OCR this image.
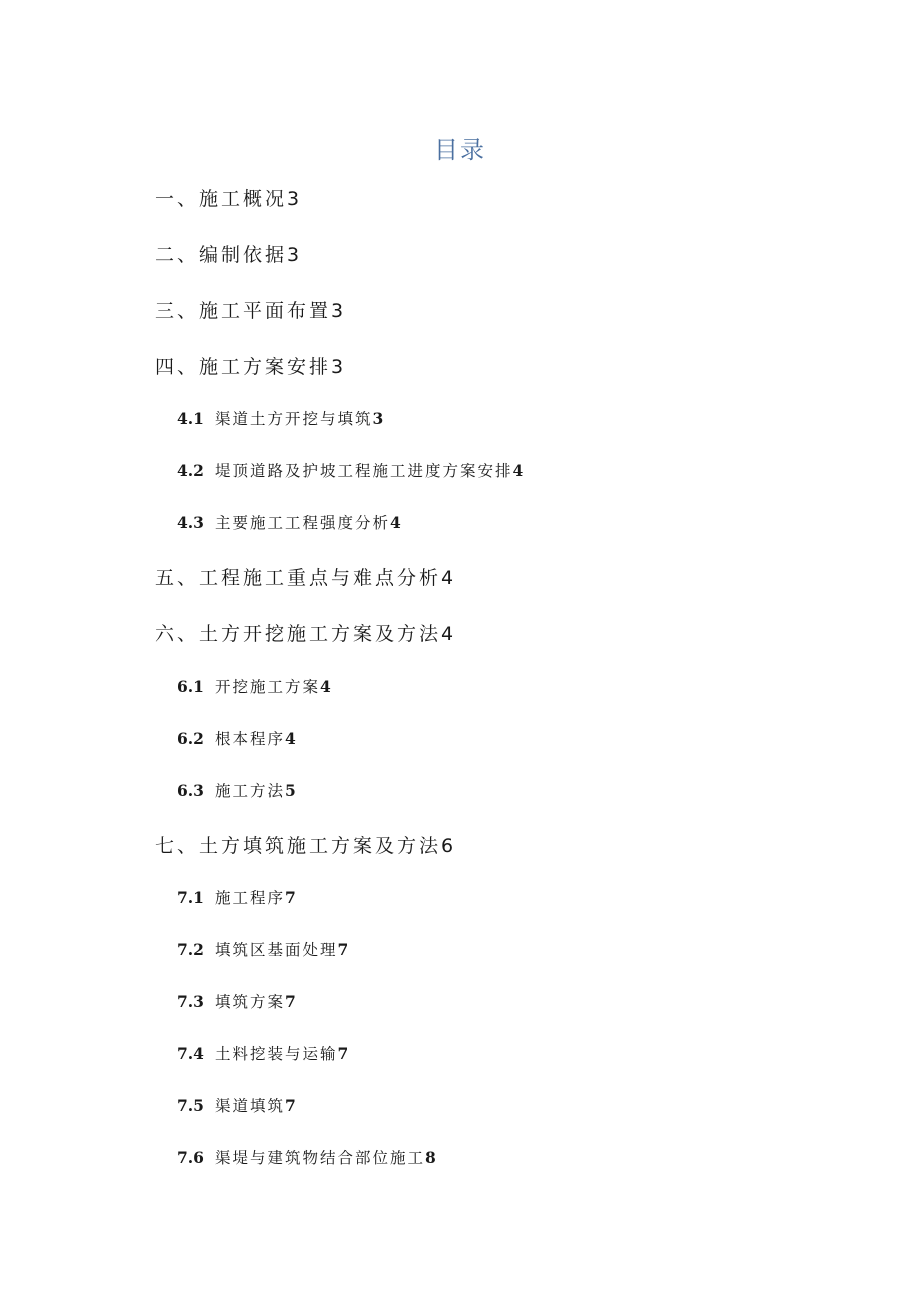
目录
一、施工概况3
二、编制依据3
三、施工平面布置3
四、施工方案安排3
4.1 渠道土方开挖与填筑3
4.2 堤顶道路及护坡工程施工进度方案安排4
4.3 主要施工工程强度分析4
五、工程施工重点与难点分析4
六、土方开挖施工方案及方法4
6.1 开挖施工方案4
6.2 根本程序4
6.3 施工方法5
七、土方填筑施工方案及方法6
7.1 施工程序7
7.2 填筑区基面处理7
7.3 填筑方案7
7.4 土料挖装与运输7
7.5 渠道填筑7
7.6 渠堤与建筑物结合部位施工8
